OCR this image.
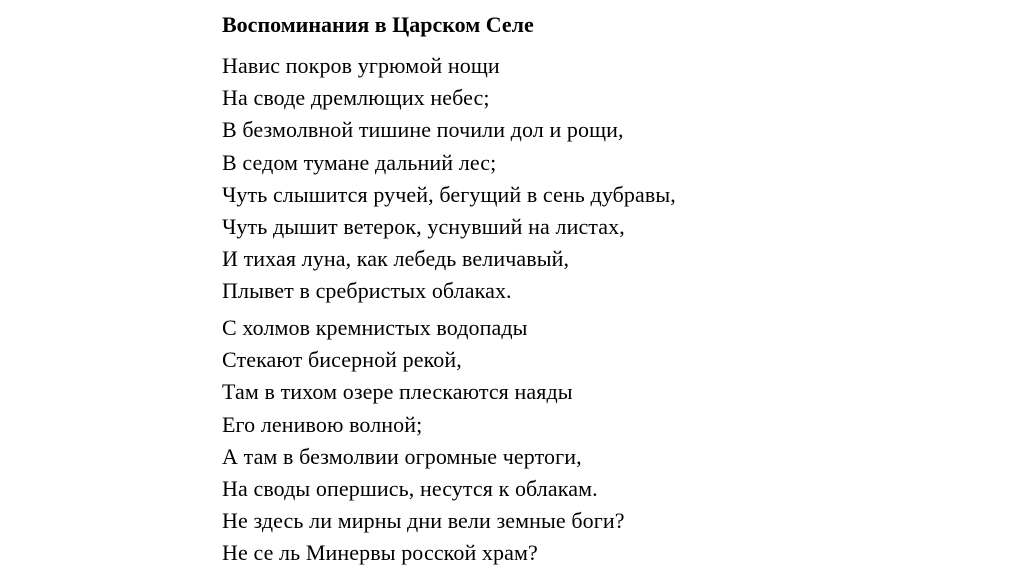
Воспоминания в Царском Селе
Навис покров угрюмой нощи
На своде дремлющих небес;
В безмолвной тишине почили дол и рощи,
В седом тумане дальний лес;
Чуть слышится ручей, бегущий в сень дубравы,
Чуть дышит ветерок, уснувший на листах,
И тихая луна, как лебедь величавый,
Плывет в сребристых облаках.
С холмов кремнистых водопады
Стекают бисерной рекой,
Там в тихом озере плескаются наяды
Его ленивою волной;
А там в безмолвии огромные чертоги,
На своды опершись, несутся к облакам.
Не здесь ли мирны дни вели земные боги?
Не се ль Минервы росской храм?
